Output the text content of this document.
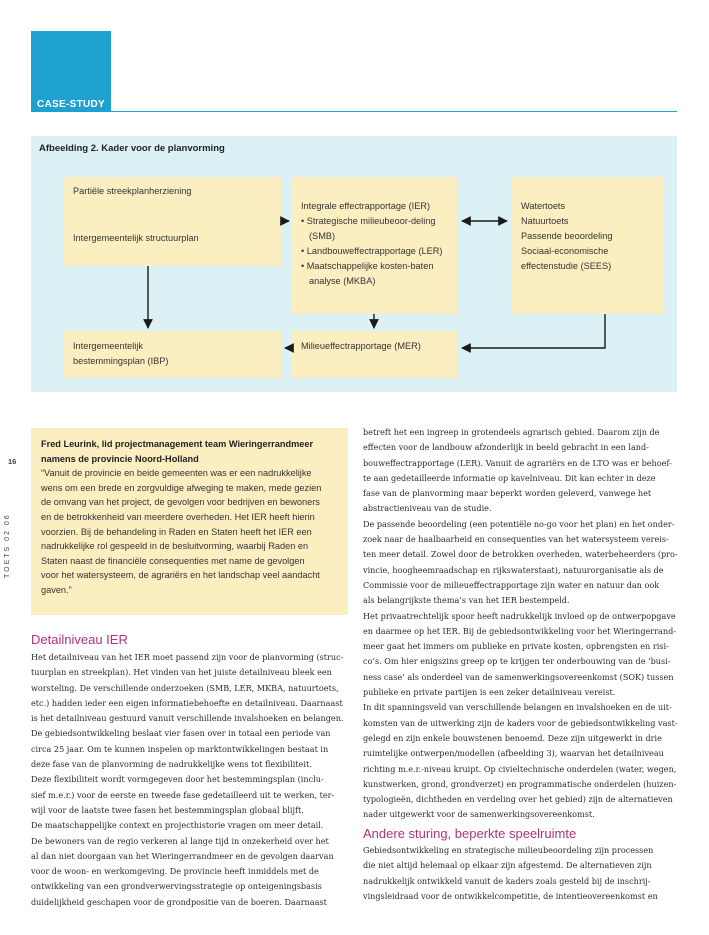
CASE-STUDY
Afbeelding 2. Kader voor de planvorming
Partiële streekplanherziening
Intergemeentelijk structuurplan
Integrale effectrapportage (IER)
• Strategische milieubeoor-deling
(SMB)
• Landbouweffectrapportage (LER)
• Maatschappelijke kosten-baten
analyse (MKBA)
Watertoets
Natuurtoets
Passende beoordeling
Sociaal-economische
effectenstudie (SEES)
Intergemeentelijk
bestemmingsplan (IBP)
Milieueffectrapportage (MER)
16
TOETS 02 06
Fred Leurink, lid projectmanagement team Wieringerrandmeer
namens de provincie Noord-Holland
“Vanuit de provincie en beide gemeenten was er een nadrukkelijke
wens om een brede en zorgvuldige afweging te maken, mede gezien
de omvang van het project, de gevolgen voor bedrijven en bewoners
en de betrokkenheid van meerdere overheden. Het IER heeft hierin
voorzien. Bij de behandeling in Raden en Staten heeft het IER een
nadrukkelijke rol gespeeld in de besluitvorming, waarbij Raden en
Staten naast de financiële consequenties met name de gevolgen
voor het watersysteem, de agrariërs en het landschap veel aandacht
gaven.”
Detailniveau IER

Het detailniveau van het IER moet passend zijn voor de planvorming (struc-

tuurplan en streekplan). Het vinden van het juiste detailniveau bleek een

worsteling. De verschillende onderzoeken (SMB, LER, MKBA, natuurtoets,

etc.) hadden ieder een eigen informatiebehoefte en detailniveau. Daarnaast

is het detailniveau gestuurd vanuit verschillende invalshoeken en belangen.

De gebiedsontwikkeling beslaat vier fasen over in totaal een periode van

circa 25 jaar. Om te kunnen inspelen op marktontwikkelingen bestaat in

deze fase van de planvorming de nadrukkelijke wens tot flexibiliteit.

Deze flexibiliteit wordt vormgegeven door het bestemmingsplan (inclu-

sief m.e.r.) voor de eerste en tweede fase gedetailleerd uit te werken, ter-

wijl voor de laatste twee fasen het bestemmingsplan globaal blijft.

De maatschappelijke context en projecthistorie vragen om meer detail.

De bewoners van de regio verkeren al lange tijd in onzekerheid over het

al dan niet doorgaan van het Wieringerrandmeer en de gevolgen daarvan

voor de woon- en werkomgeving. De provincie heeft inmiddels met de

ontwikkeling van een grondverwervingsstrategie op onteigeningsbasis

duidelijkheid geschapen voor de grondpositie van de boeren. Daarnaast

betreft het een ingreep in grotendeels agrarisch gebied. Daarom zijn de

effecten voor de landbouw afzonderlijk in beeld gebracht in een land-

bouweffectrapportage (LER). Vanuit de agrariërs en de LTO was er behoef-

te aan gedetailleerde informatie op kavelniveau. Dit kan echter in deze

fase van de planvorming maar beperkt worden geleverd, vanwege het

abstractieniveau van de studie.

De passende beoordeling (een potentiële no-go voor het plan) en het onder-

zoek naar de haalbaarheid en consequenties van het watersysteem vereis-

ten meer detail. Zowel door de betrokken overheden, waterbeheerders (pro-

vincie, hoogheemraadschap en rijkswaterstaat), natuurorganisatie als de

Commissie voor de milieueffectrapportage zijn water en natuur dan ook

als belangrijkste thema’s van het IER bestempeld.

Het privaatrechtelijk spoor heeft nadrukkelijk invloed op de ontwerpopgave

en daarmee op het IER. Bij de gebiedsontwikkeling voor het Wieringerrand-

meer gaat het immers om publieke en private kosten, opbrengsten en risi-

co’s. Om hier enigszins greep op te krijgen ter onderbouwing van de ‘busi-

ness case’ als onderdeel van de samenwerkingsovereenkomst (SOK) tussen

publieke en private partijen is een zeker detailniveau vereist.

In dit spanningsveld van verschillende belangen en invalshoeken en de uit-

komsten van de uitwerking zijn de kaders voor de gebiedsontwikkeling vast-

gelegd en zijn enkele bouwstenen benoemd. Deze zijn uitgewerkt in drie

ruimtelijke ontwerpen/modellen (afbeelding 3), waarvan het detailniveau

richting m.e.r.-niveau kruipt. Op civieltechnische onderdelen (water, wegen,

kunstwerken, grond, grondverzet) en programmatische onderdelen (huizen-

typologieën, dichtheden en verdeling over het gebied) zijn de alternatieven

nader uitgewerkt voor de samenwerkingsovereenkomst.

Andere sturing, beperkte speelruimte

Gebiedsontwikkeling en strategische milieubeoordeling zijn processen

die niet altijd helemaal op elkaar zijn afgestemd. De alternatieven zijn

nadrukkelijk ontwikkeld vanuit de kaders zoals gesteld bij de inschrij-

vingsleidraad voor de ontwikkelcompetitie, de intentieovereenkomst en
